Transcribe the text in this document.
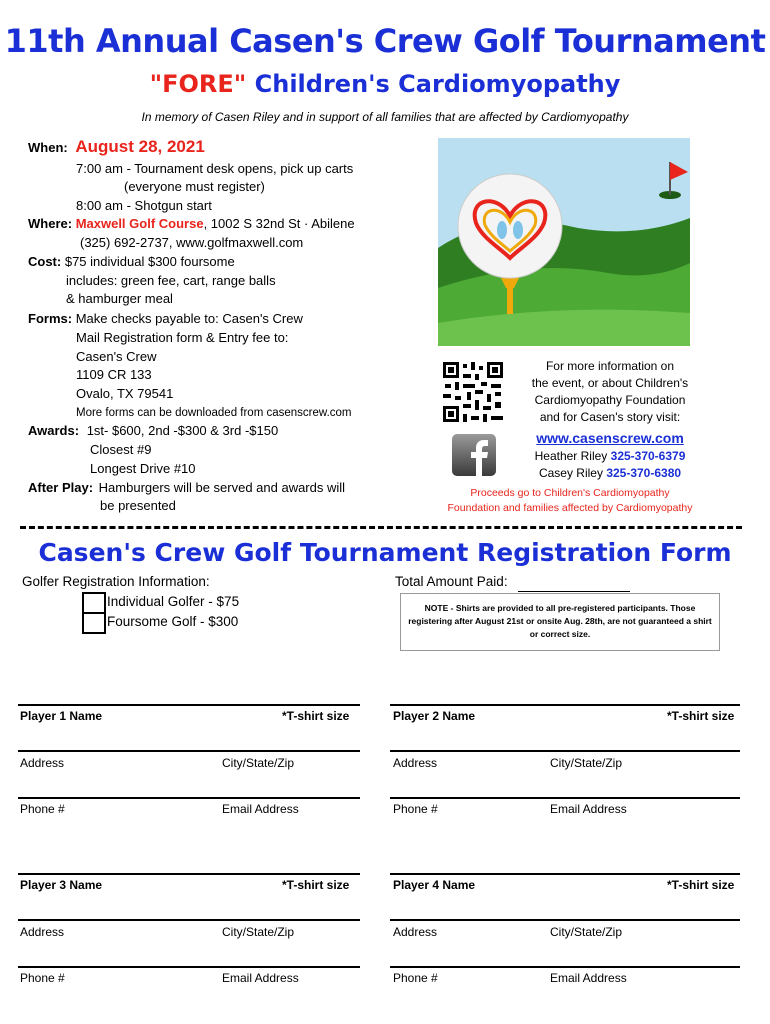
11th Annual Casen's Crew Golf Tournament
"FORE" Children's Cardiomyopathy
In memory of Casen Riley and in support of all families that are affected by Cardiomyopathy
When: August 28, 2021
7:00 am - Tournament desk opens, pick up carts
(everyone must register)
8:00 am - Shotgun start
Where: Maxwell Golf Course, 1002 S 32nd St · Abilene
(325) 692-2737, www.golfmaxwell.com
Cost: $75 individual $300 foursome
includes: green fee, cart, range balls
& hamburger meal
Forms: Make checks payable to: Casen's Crew
Mail Registration form & Entry fee to:
Casen's Crew
1109 CR 133
Ovalo, TX 79541
More forms can be downloaded from casenscrew.com
Awards: 1st- $600, 2nd -$300 & 3rd -$150
Closest #9
Longest Drive #10
After Play: Hamburgers will be served and awards will
be presented
For more information on
the event, or about Children's
Cardiomyopathy Foundation
and for Casen's story visit:
www.casenscrew.com
Heather Riley 325-370-6379
Casey Riley 325-370-6380
Proceeds go to Children's Cardiomyopathy
Foundation and families affected by Cardiomyopathy
Casen's Crew Golf Tournament Registration Form
Golfer Registration Information:
Individual Golfer - $75
Foursome Golf - $300
Total Amount Paid:
NOTE - Shirts are provided to all pre-registered participants. Those registering after August 21st or onsite Aug. 28th, are not guaranteed a shirt or correct size.
Player 1 Name	*T-shirt size
Address	City/State/Zip
Phone #	Email Address
Player 2 Name	*T-shirt size
Address	City/State/Zip
Phone #	Email Address
Player 3 Name	*T-shirt size
Address	City/State/Zip
Phone #	Email Address
Player 4 Name	*T-shirt size
Address	City/State/Zip
Phone #	Email Address
